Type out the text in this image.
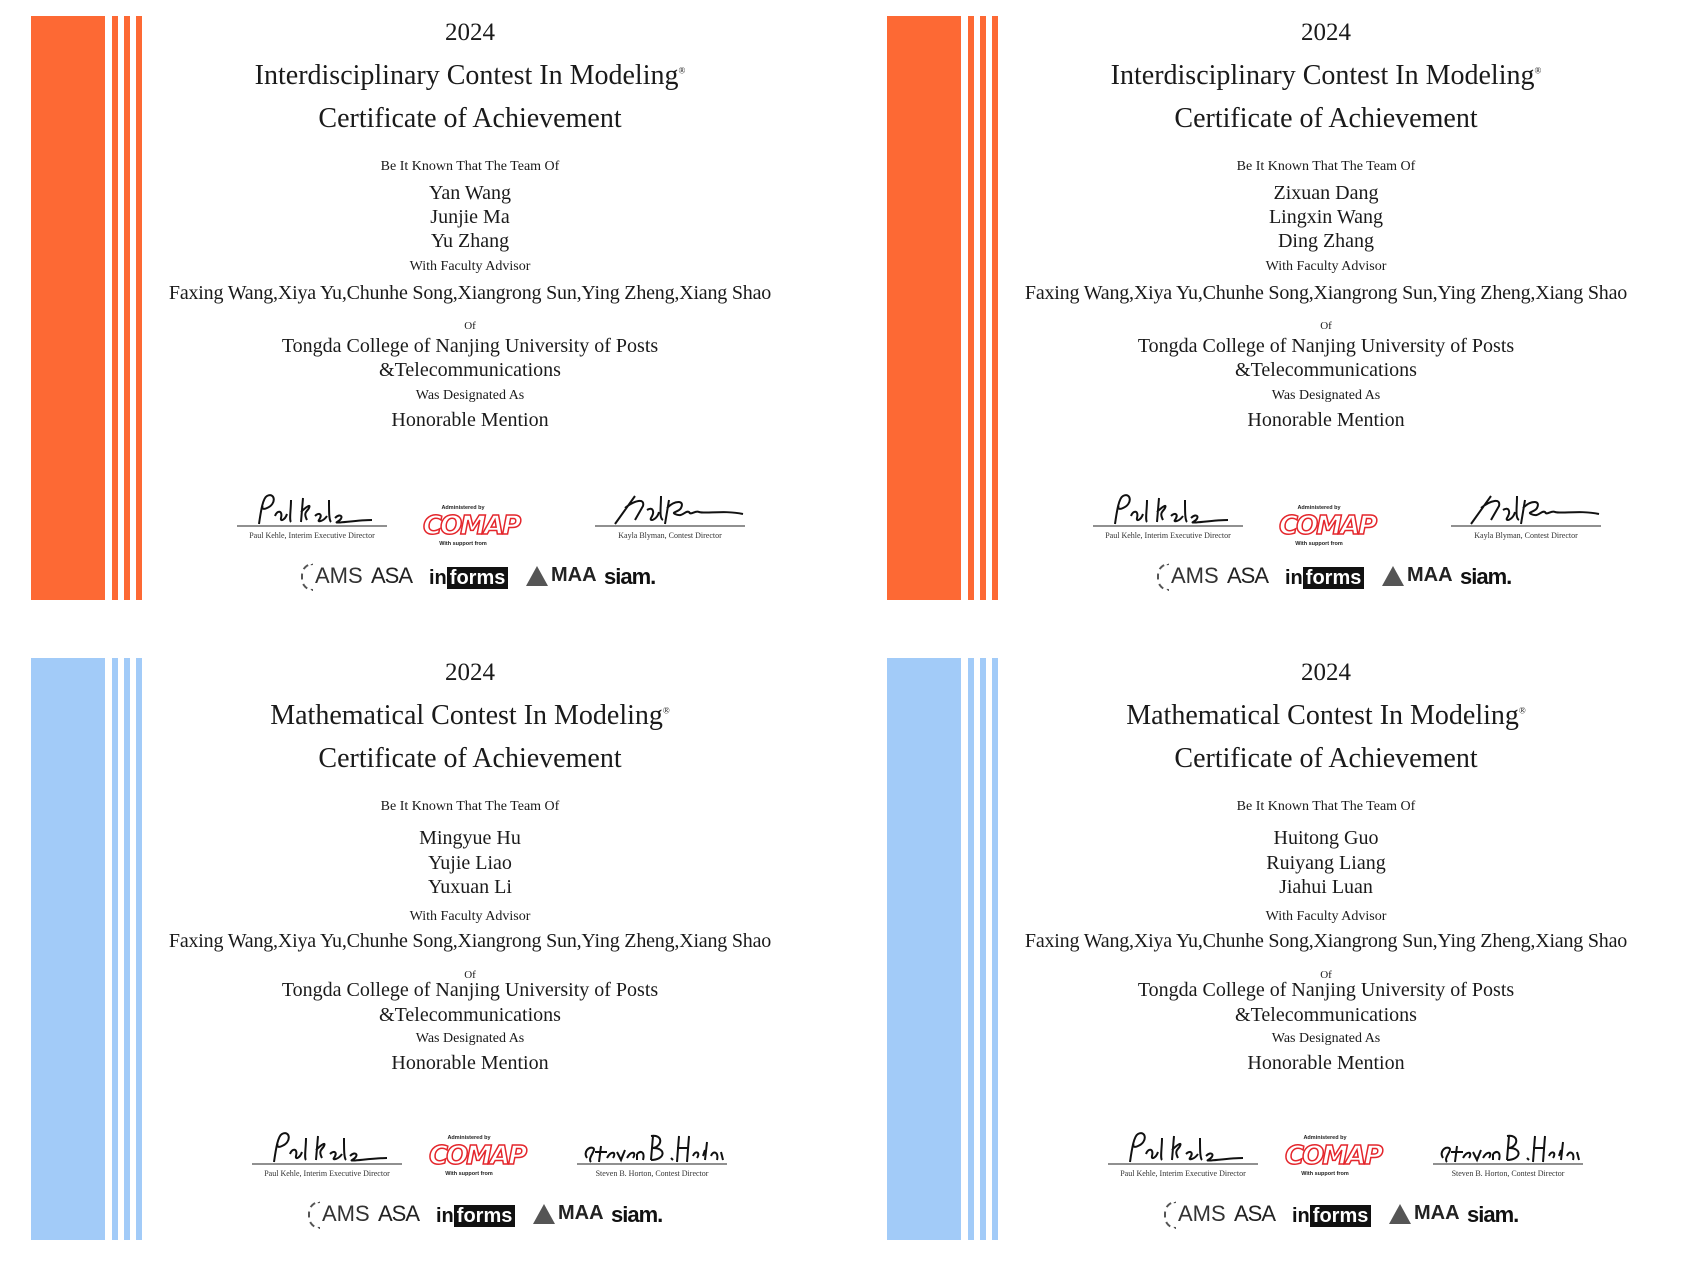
2024
Interdisciplinary Contest In Modeling®
Certificate of Achievement
Be It Known That The Team Of
Yan Wang
Junjie Ma
Yu Zhang
With Faculty Advisor
Faxing Wang,Xiya Yu,Chunhe Song,Xiangrong Sun,Ying Zheng,Xiang Shao
Of
Tongda College of Nanjing University of Posts
&Telecommunications
Was Designated As
Honorable Mention
Paul Kehle, Interim Executive Director
Administered by
COMAP
With support from
Kayla Blyman, Contest Director
AMS ASA in forms	MAA siam.
2024
Interdisciplinary Contest In Modeling®
Certificate of Achievement
Be It Known That The Team Of
Zixuan Dang
Lingxin Wang
Ding Zhang
With Faculty Advisor
Faxing Wang,Xiya Yu,Chunhe Song,Xiangrong Sun,Ying Zheng,Xiang Shao
Of
Tongda College of Nanjing University of Posts
&Telecommunications
Was Designated As
Honorable Mention
Paul Kehle, Interim Executive Director
Administered by
COMAP
With support from
Kayla Blyman, Contest Director
AMS ASA in forms	MAA siam.
2024
Mathematical Contest In Modeling®
Certificate of Achievement
Be It Known That The Team Of
Mingyue Hu
Yujie Liao
Yuxuan Li
With Faculty Advisor
Faxing Wang,Xiya Yu,Chunhe Song,Xiangrong Sun,Ying Zheng,Xiang Shao
Of
Tongda College of Nanjing University of Posts
&Telecommunications
Was Designated As
Honorable Mention
Paul Kehle, Interim Executive Director
Administered by
COMAP
With support from	Steven B. Horton, Contest Director
AMS ASA in forms	MAA siam.
2024
Mathematical Contest In Modeling®
Certificate of Achievement
Be It Known That The Team Of
Huitong Guo
Ruiyang Liang
Jiahui Luan
With Faculty Advisor
Faxing Wang,Xiya Yu,Chunhe Song,Xiangrong Sun,Ying Zheng,Xiang Shao
Of
Tongda College of Nanjing University of Posts
&Telecommunications
Was Designated As
Honorable Mention
Paul Kehle, Interim Executive Director
Administered by
COMAP
With support from	Steven B. Horton, Contest Director
AMS ASA in forms	MAA siam.
